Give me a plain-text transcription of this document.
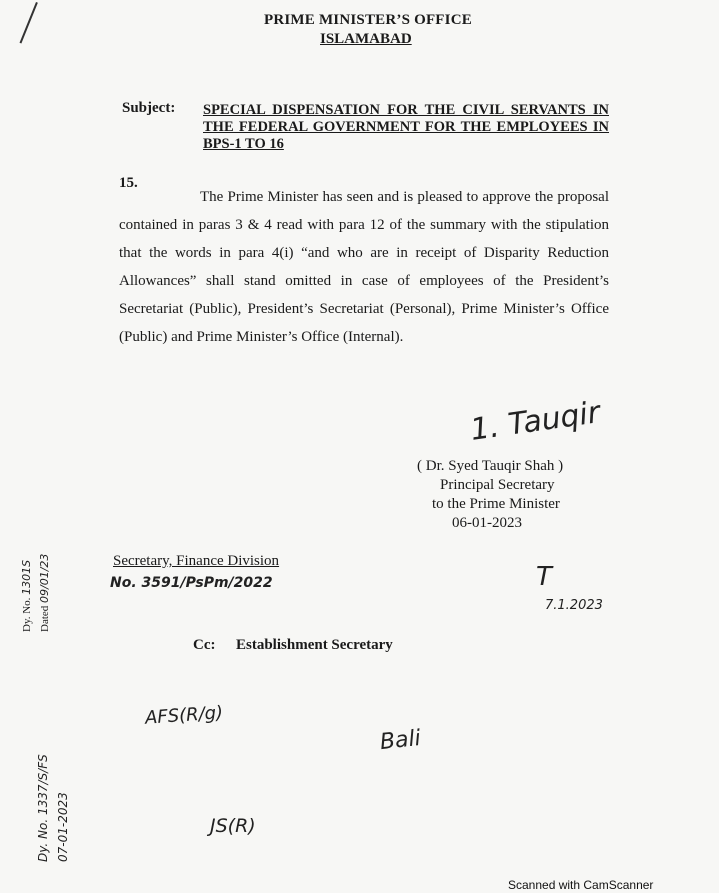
PRIME MINISTER’S OFFICE
ISLAMABAD
Subject: SPECIAL DISPENSATION FOR THE CIVIL SERVANTS IN THE FEDERAL GOVERNMENT FOR THE EMPLOYEES IN BPS-1 TO 16
15.
The Prime Minister has seen and is pleased to approve the proposal contained in paras 3 & 4 read with para 12 of the summary with the stipulation that the words in para 4(i) “and who are in receipt of Disparity Reduction Allowances” shall stand omitted in case of employees of the President’s Secretariat (Public), President’s Secretariat (Personal), Prime Minister’s Office (Public) and Prime Minister’s Office (Internal).
1. Tauqir
( Dr. Syed Tauqir Shah )
Principal Secretary
to the Prime Minister
06-01-2023
Secretary, Finance Division
No. 3591/PsPm/2022	T
7.1.2023
Cc: Establishment Secretary
AFS(R/g)
Bali
JS(R)
Dy. No. 1301S
Dated 09/01/23
Dy. No. 1337/S/FS 07-01-2023
Scanned with CamScanner
